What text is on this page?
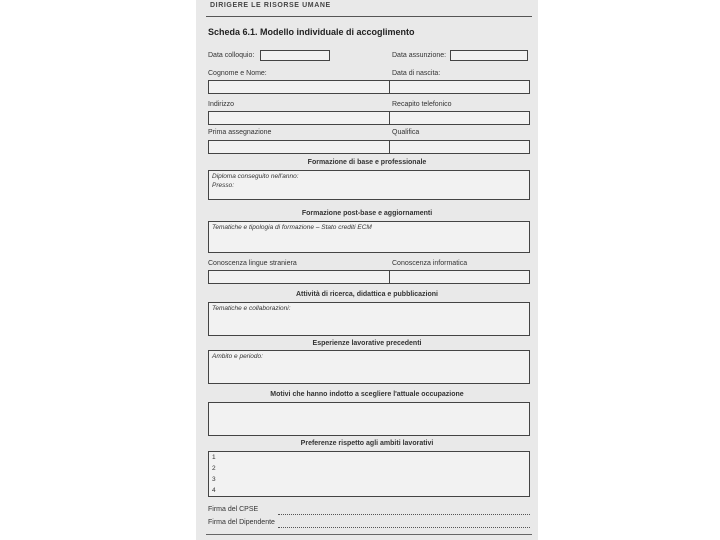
DIRIGERE LE RISORSE UMANE
Scheda 6.1. Modello individuale di accoglimento
Data colloquio:	Data assunzione:
Cognome e Nome:	Data di nascita:
Indirizzo	Recapito telefonico
Prima assegnazione	Qualifica
Formazione di base e professionale
Diploma conseguito nell'anno:
Presso:
Formazione post-base e aggiornamenti
Tematiche e tipologia di formazione – Stato crediti ECM
Conoscenza lingue straniera	Conoscenza informatica
Attività di ricerca, didattica e pubblicazioni
Tematiche e collaborazioni:
Esperienze lavorative precedenti
Ambito e periodo:
Motivi che hanno indotto a scegliere l'attuale occupazione
Preferenze rispetto agli ambiti lavorativi
1
2
3
4
Firma del CPSE
Firma del Dipendente
